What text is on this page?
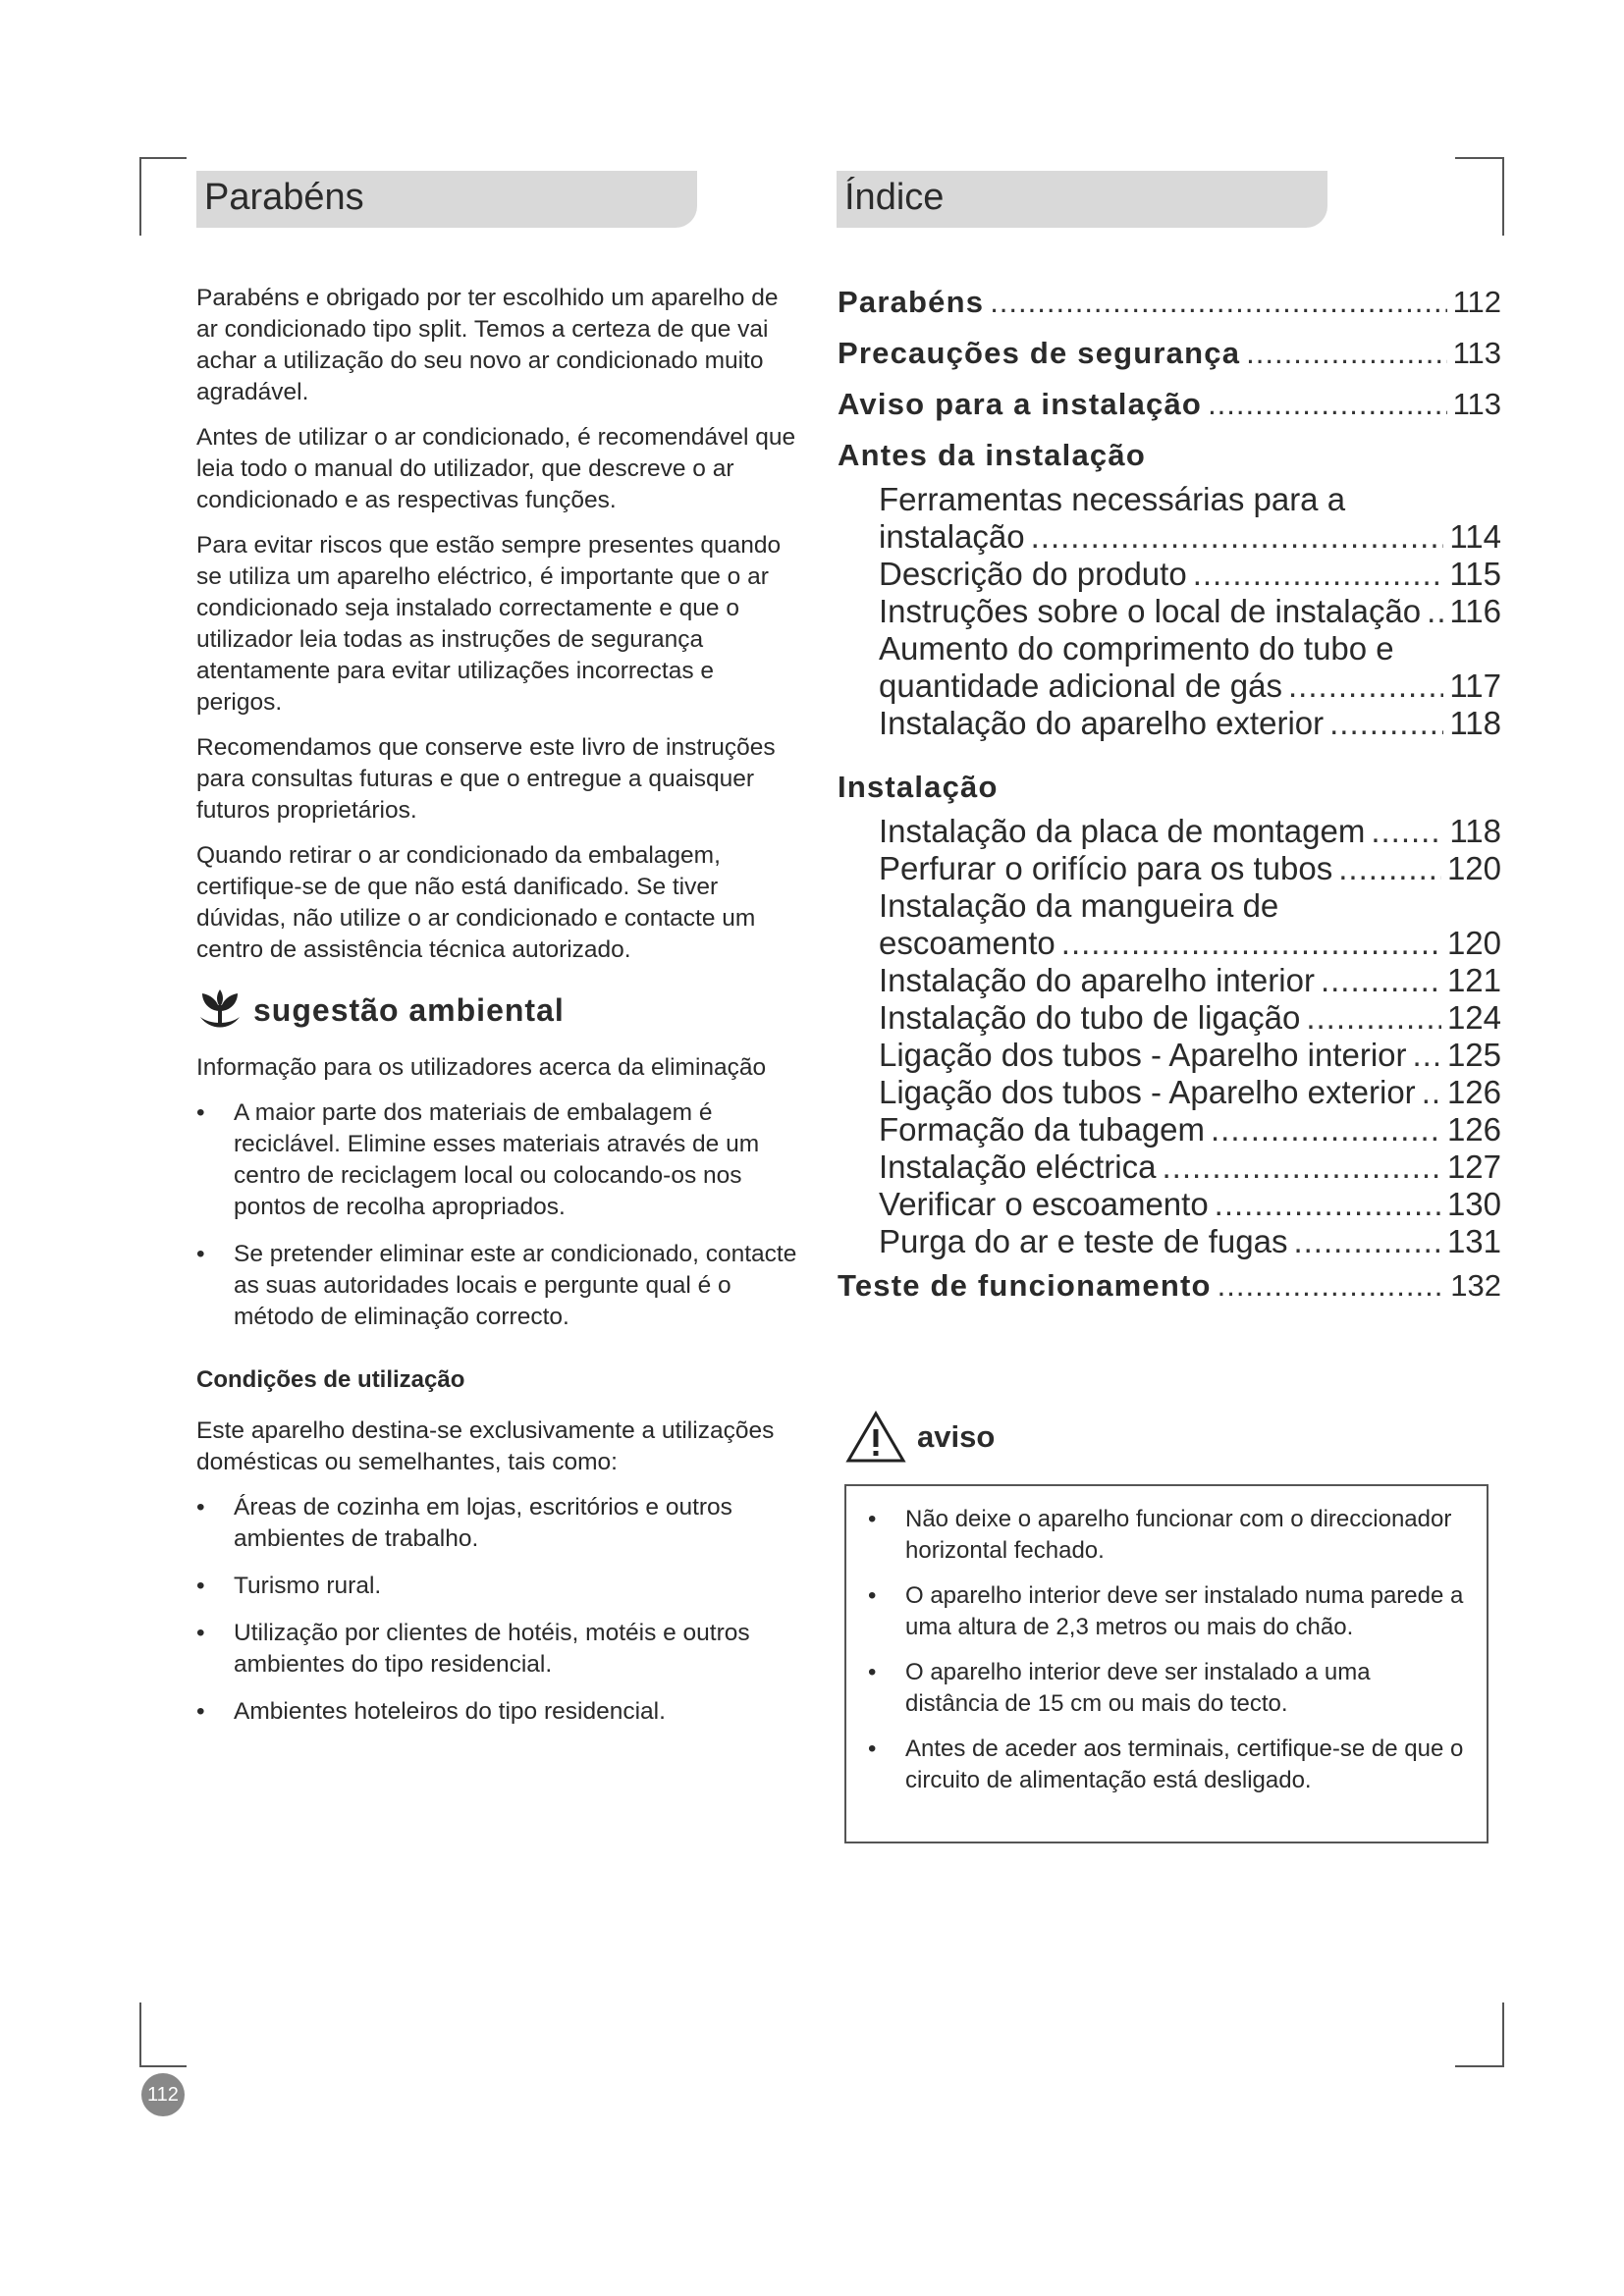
Parabéns	Índice

Parabéns e obrigado por ter escolhido um aparelho de ar condicionado tipo split. Temos a certeza de que vai achar a utilização do seu novo ar condicionado muito agradável.

Antes de utilizar o ar condicionado, é recomendável que leia todo o manual do utilizador, que descreve o ar condicionado e as respectivas funções.

Para evitar riscos que estão sempre presentes quando se utiliza um aparelho eléctrico, é importante que o ar condicionado seja instalado correctamente e que o utilizador leia todas as instruções de segurança atentamente para evitar utilizações incorrectas e perigos.

Recomendamos que conserve este livro de instruções para consultas futuras e que o entregue a quaisquer futuros proprietários.

Quando retirar o ar condicionado da embalagem, certifique-se de que não está danificado. Se tiver dúvidas, não utilize o ar condicionado e contacte um centro de assistência técnica autorizado.

sugestão ambiental

Informação para os utilizadores acerca da eliminação

• A maior parte dos materiais de embalagem é reciclável. Elimine esses materiais através de um centro de reciclagem local ou colocando-os nos pontos de recolha apropriados.
• Se pretender eliminar este ar condicionado, contacte as suas autoridades locais e pergunte qual é o método de eliminação correcto.
Condições de utilização

Este aparelho destina-se exclusivamente a utilizações domésticas ou semelhantes, tais como:

• Áreas de cozinha em lojas, escritórios e outros ambientes de trabalho.
• Turismo rural.
• Utilização por clientes de hotéis, motéis e outros ambientes do tipo residencial.
• Ambientes hoteleiros do tipo residencial.
Parabéns .....	112
Precauções de segurança .....	113
Aviso para a instalação .....	113
Antes da instalação
Ferramentas necessárias para a
instalação .....	114
Descrição do produto .....	115
Instruções sobre o local de instalação ..... 116
Aumento do comprimento do tubo e
quantidade adicional de gás .....	117
Instalação do aparelho exterior .....	118
Instalação
Instalação da placa de montagem .....	118
Perfurar o orifício para os tubos .....	120
Instalação da mangueira de
escoamento .....	120
Instalação do aparelho interior .....	121
Instalação do tubo de ligação .....	124
Ligação dos tubos - Aparelho interior ..... 125
Ligação dos tubos - Aparelho exterior ..... 126
Formação da tubagem .....	126
Instalação eléctrica .....	127
Verificar o escoamento .....	130
Purga do ar e teste de fugas .....	131
Teste de funcionamento .....	132
aviso
• Não deixe o aparelho funcionar com o direccionador horizontal fechado.
• O aparelho interior deve ser instalado numa parede a uma altura de 2,3 metros ou mais do chão.
• O aparelho interior deve ser instalado a uma distância de 15 cm ou mais do tecto.
• Antes de aceder aos terminais, certifique-se de que o circuito de alimentação está desligado.
112
